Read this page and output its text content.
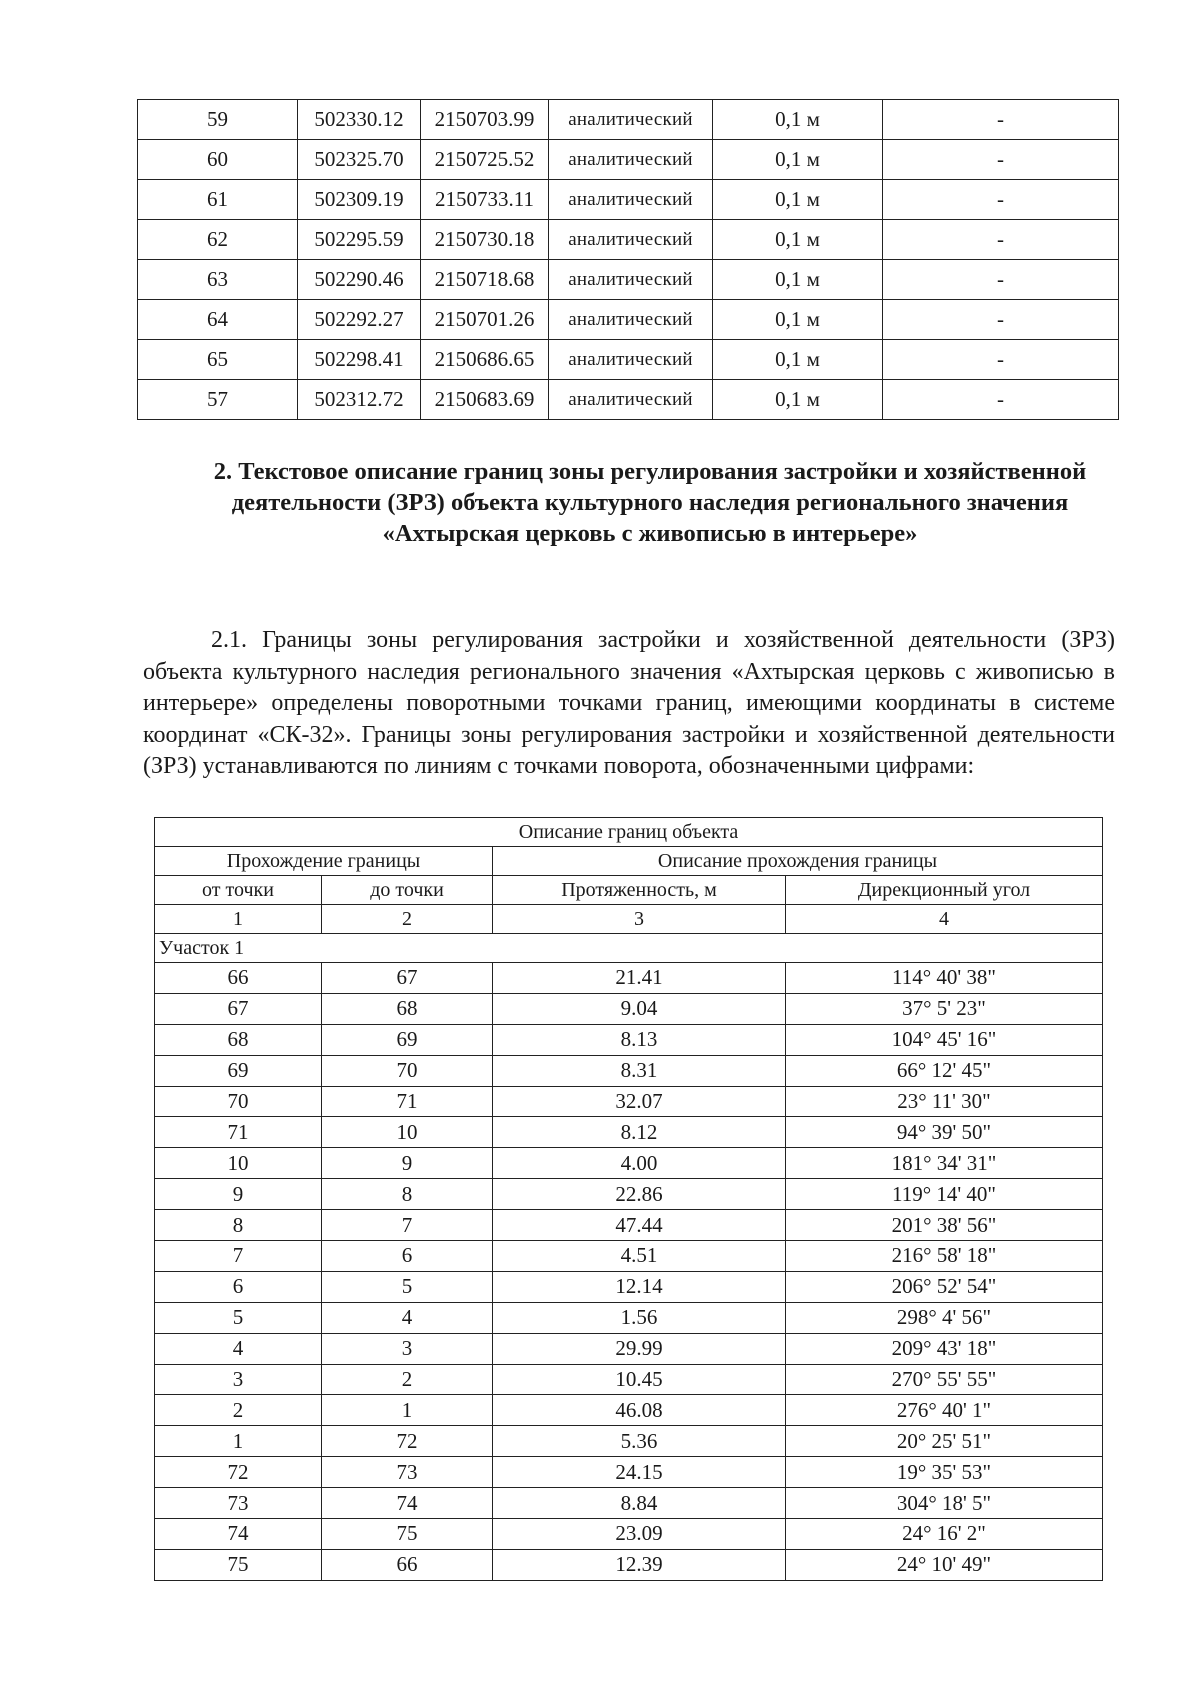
59	502330.12	2150703.99	аналитический	0,1 м	-
60	502325.70	2150725.52	аналитический	0,1 м	-
61	502309.19	2150733.11	аналитический	0,1 м	-
62	502295.59	2150730.18	аналитический	0,1 м	-
63	502290.46	2150718.68	аналитический	0,1 м	-
64	502292.27	2150701.26	аналитический	0,1 м	-
65	502298.41	2150686.65	аналитический	0,1 м	-
57	502312.72	2150683.69	аналитический	0,1 м	-
2. Текстовое описание границ зоны регулирования застройки и хозяйственной деятельности (ЗРЗ) объекта культурного наследия регионального значения «Ахтырская церковь с живописью в интерьере»

2.1. Границы зоны регулирования застройки и хозяйственной деятельности (ЗРЗ) объекта культурного наследия регионального значения «Ахтырская церковь с живописью в интерьере» определены поворотными точками границ, имеющими координаты в системе координат «СК-32». Границы зоны регулирования застройки и хозяйственной деятельности (ЗРЗ) устанавливаются по линиям с точками поворота, обозначенными цифрами:

Описание границ объекта			
Прохождение границы		Описание прохождения границы	
от точки	до точки	Протяженность, м	Дирекционный угол
1	2	3	4
Участок 1			
66	67	21.41	114° 40' 38"
67	68	9.04	37° 5' 23"
68	69	8.13	104° 45' 16"
69	70	8.31	66° 12' 45"
70	71	32.07	23° 11' 30"
71	10	8.12	94° 39' 50"
10	9	4.00	181° 34' 31"
9	8	22.86	119° 14' 40"
8	7	47.44	201° 38' 56"
7	6	4.51	216° 58' 18"
6	5	12.14	206° 52' 54"
5	4	1.56	298° 4' 56"
4	3	29.99	209° 43' 18"
3	2	10.45	270° 55' 55"
2	1	46.08	276° 40' 1"
1	72	5.36	20° 25' 51"
72	73	24.15	19° 35' 53"
73	74	8.84	304° 18' 5"
74	75	23.09	24° 16' 2"
75	66	12.39	24° 10' 49"
